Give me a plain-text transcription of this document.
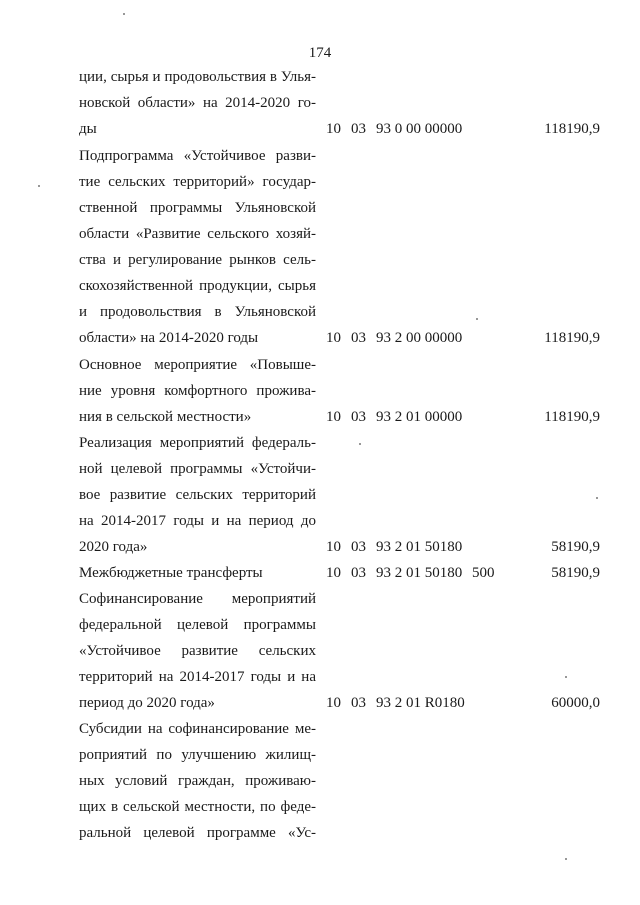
174
ции, сырья и продовольствия в Улья-
новской области» на 2014-2020 го-
ды	10 03 93 0 00 00000	118190,9
Подпрограмма «Устойчивое разви-
тие сельских территорий» государ-
ственной программы Ульяновской
области «Развитие сельского хозяй-
ства и регулирование рынков сель-
скохозяйственной продукции, сырья
и продовольствия в Ульяновской
области» на 2014-2020 годы	10 03 93 2 00 00000	118190,9
Основное мероприятие «Повыше-
ние уровня комфортного прожива-
ния в сельской местности»	10 03 93 2 01 00000	118190,9
Реализация мероприятий федераль-
ной целевой программы «Устойчи-
вое развитие сельских территорий
на 2014-2017 годы и на период до
2020 года»	10 03 93 2 01 50180	58190,9
Межбюджетные трансферты	10 03 93 2 01 50180 500	58190,9
Софинансирование мероприятий
федеральной целевой программы
«Устойчивое развитие сельских
территорий на 2014-2017 годы и на
период до 2020 года»	10 03 93 2 01 R0180	60000,0
Субсидии на софинансирование ме-
роприятий по улучшению жилищ-
ных условий граждан, проживаю-
щих в сельской местности, по феде-
ральной целевой программе «Ус-
